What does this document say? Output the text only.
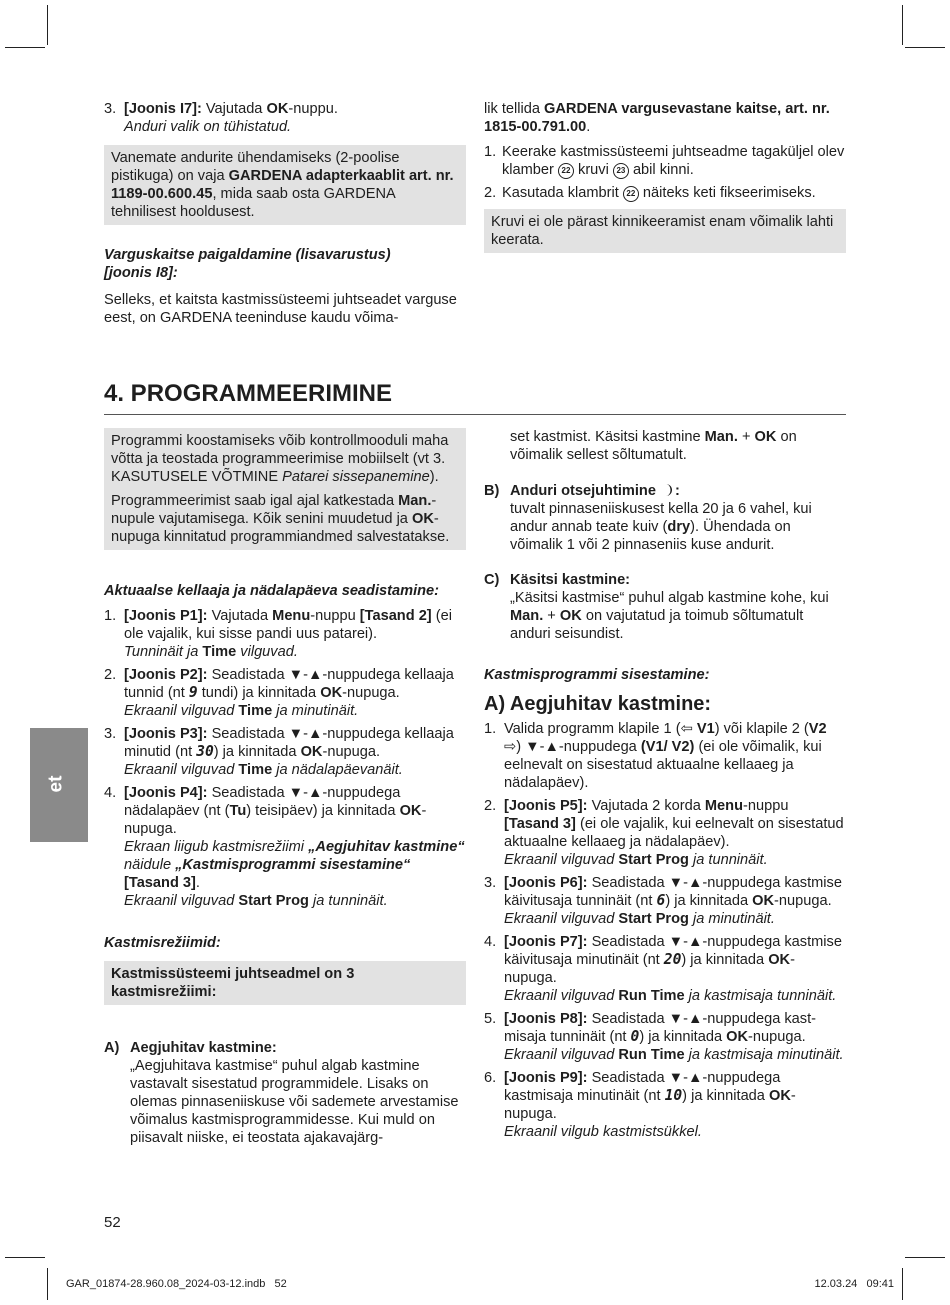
3. [Joonis I7]: Vajutada OK-nuppu.
Anduri valik on tühistatud.
Vanemate andurite ühendamiseks (2-poolise pistikuga) on vaja GARDENA adapterkaablit art. nr. 1189-00.600.45, mida saab osta GARDENA tehnilisest hooldusest.
Varguskaitse paigaldamine (lisavarustus)
[joonis I8]:

Selleks, et kaitsta kastmissüsteemi juhtseadet varguse eest, on GARDENA teeninduse kaudu võima-

lik tellida GARDENA vargusevastane kaitse, art. nr. 1815-00.791.00.

1. Keerake kastmissüsteemi juhtseadme tagaküljel olev klamber 22 kruvi 23 abil kinni.
2. Kasutada klambrit 22 näiteks keti fikseerimiseks.
Kruvi ei ole pärast kinnikeeramist enam võimalik lahti keerata.
4. PROGRAMMEERIMINE

Programmi koostamiseks võib kontrollmooduli maha võtta ja teostada programmeerimise mobiilselt (vt 3. KASUTUSELE VÕTMINE Patarei sissepanemine).

Programmeerimist saab igal ajal katkestada Man.-nupule vajutamisega. Kõik senini muudetud ja OK-nupuga kinnitatud programmiandmed salvestatakse.

Aktuaalse kellaaja ja nädalapäeva seadistamine:
1. [Joonis P1]: Vajutada Menu-nuppu [Tasand 2] (ei ole vajalik, kui sisse pandi uus patarei).
Tunninäit ja Time vilguvad.
2. [Joonis P2]: Seadistada ▼-▲-nuppudega kellaaja tunnid (nt 9 tundi) ja kinnitada OK-nupuga.
Ekraanil vilguvad Time ja minutinäit.
3. [Joonis P3]: Seadistada ▼-▲-nuppudega kellaaja minutid (nt 30) ja kinnitada OK-nupuga.
Ekraanil vilguvad Time ja nädalapäevanäit.
4. [Joonis P4]: Seadistada ▼-▲-nuppudega nädalapäev (nt (Tu) teisipäev) ja kinnitada OK-nupuga.
Ekraan liigub kastmisrežiimi „Aegjuhitav kastmine“ näidule „Kastmisprogrammi sisestamine“ [Tasand 3].
Ekraanil vilguvad Start Prog ja tunninäit.
Kastmisrežiimid:
Kastmissüsteemi juhtseadmel on 3 kastmisrežiimi:
A) Aegjuhitav kastmine:
„Aegjuhitava kastmise“ puhul algab kastmine vastavalt sisestatud programmidele. Lisaks on olemas pinnaseniiskuse või sademete arvestamise võimalus kastmisprogrammidesse. Kui muld on piisavalt niiske, ei teostata ajakavajärg-
set kastmist. Käsitsi kastmine Man. + OK on võimalik sellest sõltumatult.
B) Anduri otsejuhtimine :
tuvalt pinnaseniiskusest kella 20 ja 6 vahel, kui andur annab teate kuiv (dry). Ühendada on võimalik 1 või 2 pinnaseniis kuse andurit.
C) Käsitsi kastmine:
„Käsitsi kastmise“ puhul algab kastmine kohe, kui Man. + OK on vajutatud ja toimub sõltumatult anduri seisundist.
Kastmisprogrammi sisestamine:
A) Aegjuhitav kastmine:
1. Valida programm klapile 1 (⇦ V1) või klapile 2 (V2 ⇨) ▼-▲-nuppudega (V1/ V2) (ei ole võimalik, kui eelnevalt on sisestatud aktuaalne kellaaeg ja nädalapäev).
2. [Joonis P5]: Vajutada 2 korda Menu-nuppu [Tasand 3] (ei ole vajalik, kui eelnevalt on sisestatud aktuaalne kellaaeg ja nädalapäev).
Ekraanil vilguvad Start Prog ja tunninäit.
3. [Joonis P6]: Seadistada ▼-▲-nuppudega kastmise käivitusaja tunninäit (nt 6) ja kinnitada OK-nupuga.
Ekraanil vilguvad Start Prog ja minutinäit.
4. [Joonis P7]: Seadistada ▼-▲-nuppudega kastmise käivitusaja minutinäit (nt 20) ja kinnitada OK-nupuga.
Ekraanil vilguvad Run Time ja kastmisaja tunninäit.
5. [Joonis P8]: Seadistada ▼-▲-nuppudega kastmisaja tunninäit (nt 0) ja kinnitada OK-nupuga.
Ekraanil vilguvad Run Time ja kastmisaja minutinäit.
6. [Joonis P9]: Seadistada ▼-▲-nuppudega kastmisaja minutinäit (nt 10) ja kinnitada OK-nupuga.
Ekraanil vilgub kastmistsükkel.
et
52
GAR_01874-28.960.08_2024-03-12.indb   52	12.03.24   09:41
